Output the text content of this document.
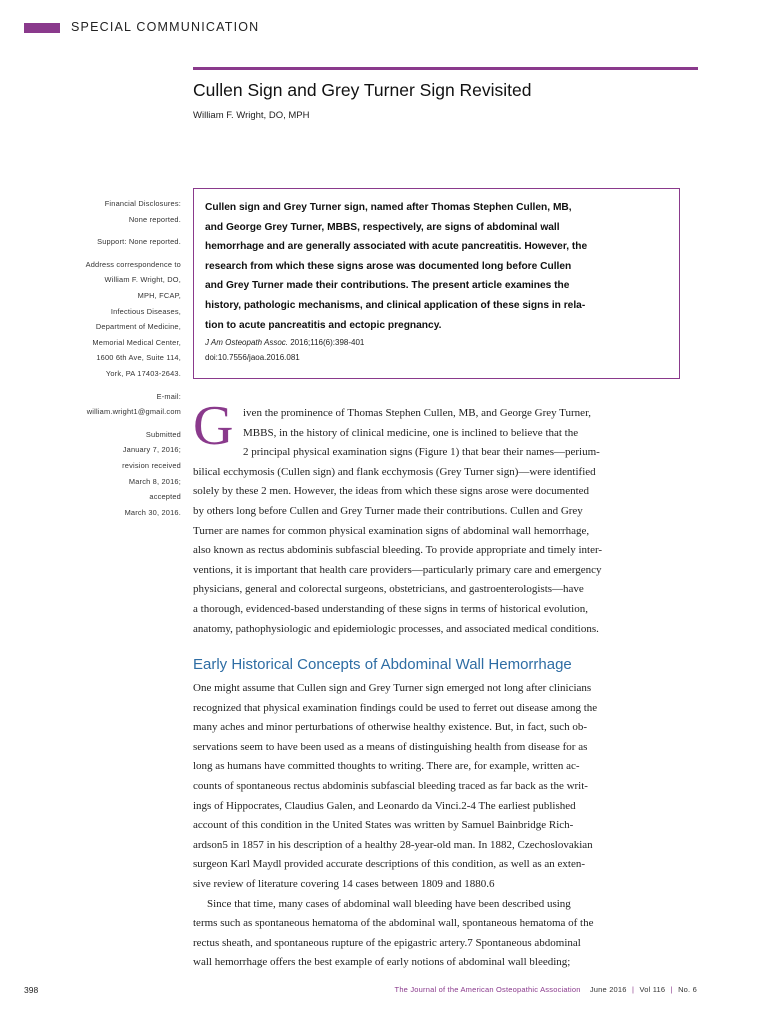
SPECIAL COMMUNICATION
Cullen Sign and Grey Turner Sign Revisited
William F. Wright, DO, MPH

Financial Disclosures:
None reported.

Support: None reported.

Address correspondence to
William F. Wright, DO,
MPH, FCAP,
Infectious Diseases,
Department of Medicine,
Memorial Medical Center,
1600 6th Ave, Suite 114,
York, PA 17403-2643.

E-mail:
william.wright1@gmail.com

Submitted
January 7, 2016;
revision received
March 8, 2016;
accepted
March 30, 2016.

Cullen sign and Grey Turner sign, named after Thomas Stephen Cullen, MB,
and George Grey Turner, MBBS, respectively, are signs of abdominal wall
hemorrhage and are generally associated with acute pancreatitis. However, the
research from which these signs arose was documented long before Cullen
and Grey Turner made their contributions. The present article examines the
history, pathologic mechanisms, and clinical application of these signs in rela-
tion to acute pancreatitis and ectopic pregnancy.
J Am Osteopath Assoc. 2016;116(6):398-401
doi:10.7556/jaoa.2016.081
G iven the prominence of Thomas Stephen Cullen, MB, and George Grey Turner,
MBBS, in the history of clinical medicine, one is inclined to believe that the
2 principal physical examination signs (Figure 1) that bear their names—perium-
bilical ecchymosis (Cullen sign) and flank ecchymosis (Grey Turner sign)—were identified
solely by these 2 men. However, the ideas from which these signs arose were documented
by others long before Cullen and Grey Turner made their contributions. Cullen and Grey
Turner are names for common physical examination signs of abdominal wall hemorrhage,
also known as rectus abdominis subfascial bleeding. To provide appropriate and timely inter-
ventions, it is important that health care providers—particularly primary care and emergency
physicians, general and colorectal surgeons, obstetricians, and gastroenterologists—have
a thorough, evidenced-based understanding of these signs in terms of historical evolution,
anatomy, pathophysiologic and epidemiologic processes, and associated medical conditions.
Early Historical Concepts of Abdominal Wall Hemorrhage
One might assume that Cullen sign and Grey Turner sign emerged not long after clinicians
recognized that physical examination findings could be used to ferret out disease among the
many aches and minor perturbations of otherwise healthy existence. But, in fact, such ob-
servations seem to have been used as a means of distinguishing health from disease for as
long as humans have committed thoughts to writing. There are, for example, written ac-
counts of spontaneous rectus abdominis subfascial bleeding traced as far back as the writ-
ings of Hippocrates, Claudius Galen, and Leonardo da Vinci.2-4 The earliest published
account of this condition in the United States was written by Samuel Bainbridge Rich-
ardson5 in 1857 in his description of a healthy 28-year-old man. In 1882, Czechoslovakian
surgeon Karl Maydl provided accurate descriptions of this condition, as well as an exten-
sive review of literature covering 14 cases between 1809 and 1880.6
Since that time, many cases of abdominal wall bleeding have been described using
terms such as spontaneous hematoma of the abdominal wall, spontaneous hematoma of the
rectus sheath, and spontaneous rupture of the epigastric artery.7 Spontaneous abdominal
wall hemorrhage offers the best example of early notions of abdominal wall bleeding;
398	The Journal of the American Osteopathic Association June 2016 | Vol 116 | No. 6
